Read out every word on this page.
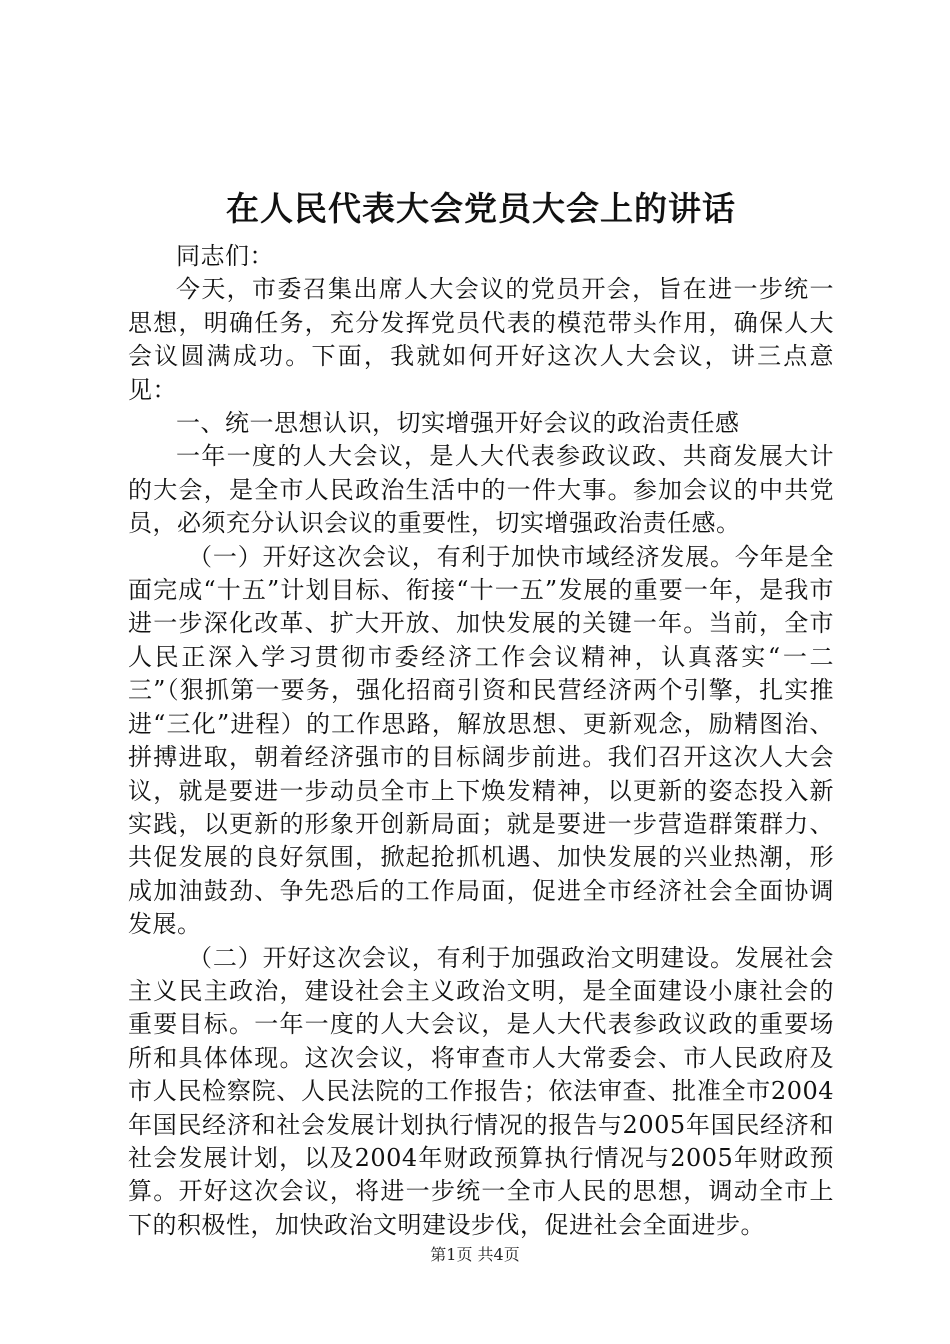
在人民代表大会党员大会上的讲话

同志们：

今天，市委召集出席人大会议的党员开会，旨在进一步统一思想，明确任务，充分发挥党员代表的模范带头作用，确保人大会议圆满成功。下面，我就如何开好这次人大会议，讲三点意见：

一、统一思想认识，切实增强开好会议的政治责任感

一年一度的人大会议，是人大代表参政议政、共商发展大计的大会，是全市人民政治生活中的一件大事。参加会议的中共党员，必须充分认识会议的重要性，切实增强政治责任感。

（一）开好这次会议，有利于加快市域经济发展。今年是全面完成“十五”计划目标、衔接“十一五”发展的重要一年，是我市进一步深化改革、扩大开放、加快发展的关键一年。当前，全市人民正深入学习贯彻市委经济工作会议精神，认真落实“一二三”（狠抓第一要务，强化招商引资和民营经济两个引擎，扎实推进“三化”进程）的工作思路，解放思想、更新观念，励精图治、拼搏进取，朝着经济强市的目标阔步前进。我们召开这次人大会议，就是要进一步动员全市上下焕发精神，以更新的姿态投入新实践，以更新的形象开创新局面；就是要进一步营造群策群力、共促发展的良好氛围，掀起抢抓机遇、加快发展的兴业热潮，形成加油鼓劲、争先恐后的工作局面，促进全市经济社会全面协调发展。

（二）开好这次会议，有利于加强政治文明建设。发展社会主义民主政治，建设社会主义政治文明，是全面建设小康社会的重要目标。一年一度的人大会议，是人大代表参政议政的重要场所和具体体现。这次会议，将审查市人大常委会、市人民政府及市人民检察院、人民法院的工作报告；依法审查、批准全市2004年国民经济和社会发展计划执行情况的报告与2005年国民经济和社会发展计划，以及2004年财政预算执行情况与2005年财政预算。开好这次会议，将进一步统一全市人民的思想，调动全市上下的积极性，加快政治文明建设步伐，促进社会全面进步。

第1页 共4页
